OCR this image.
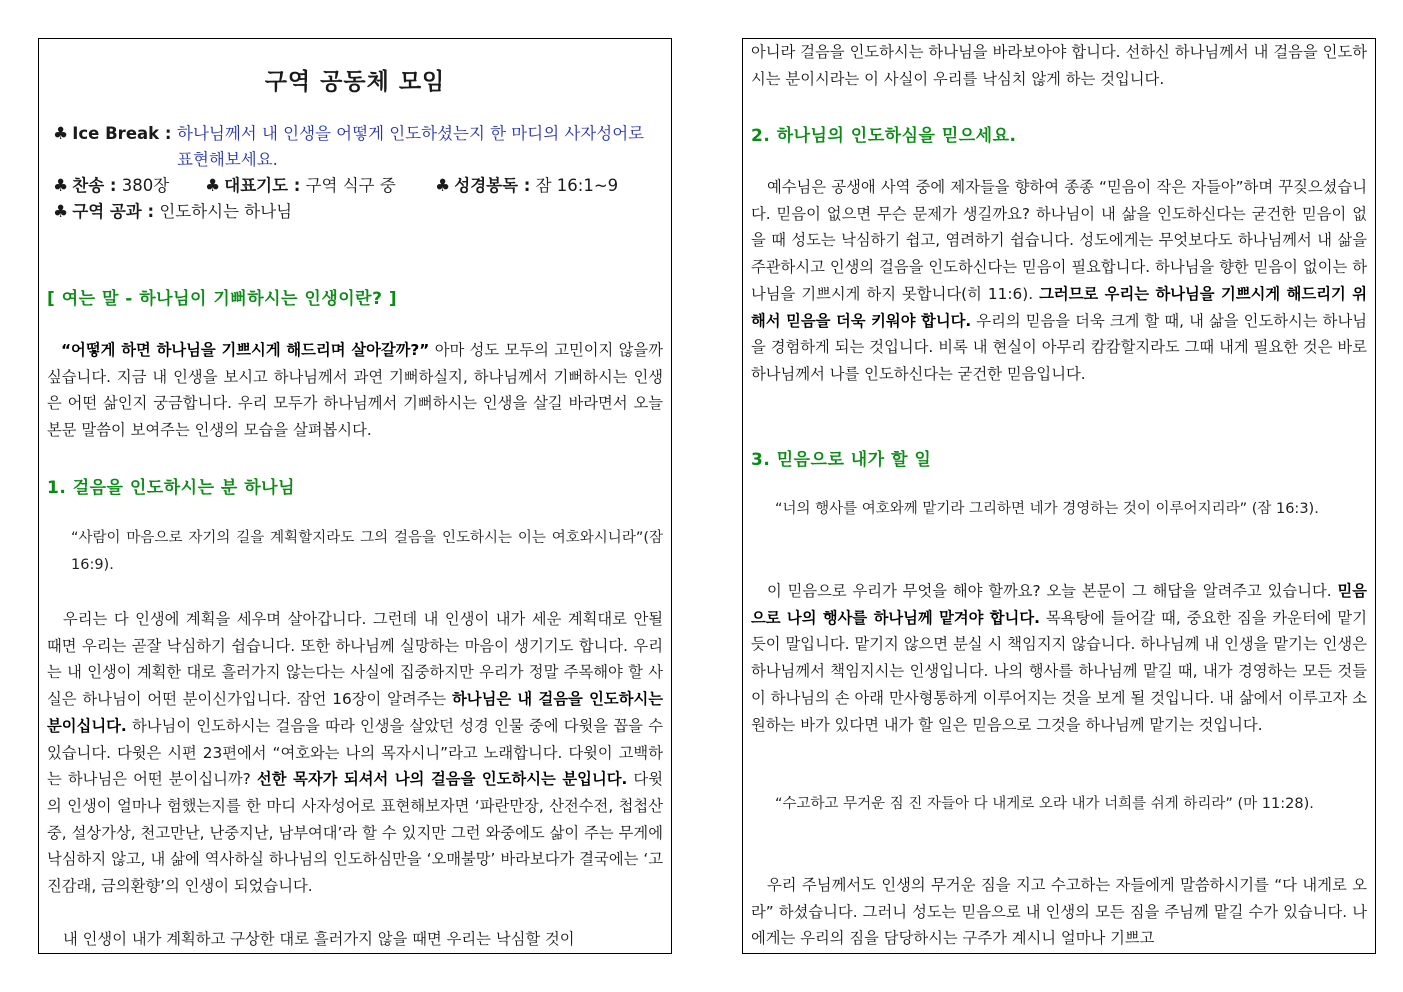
구역 공동체 모임
♣ Ice Break : 하나님께서 내 인생을 어떻게 인도하셨는지 한 마디의 사자성어로
표현해보세요.
♣ 찬송 : 380장 ♣ 대표기도 : 구역 식구 중 ♣ 성경봉독 : 잠 16:1~9
♣ 구역 공과 : 인도하시는 하나님
[ 여는 말 - 하나님이 기뻐하시는 인생이란? ]

“어떻게 하면 하나님을 기쁘시게 해드리며 살아갈까?” 아마 성도 모두의 고민이지 않을까 싶습니다. 지금 내 인생을 보시고 하나님께서 과연 기뻐하실지, 하나님께서 기뻐하시는 인생은 어떤 삶인지 궁금합니다. 우리 모두가 하나님께서 기뻐하시는 인생을 살길 바라면서 오늘 본문 말씀이 보여주는 인생의 모습을 살펴봅시다.

1. 걸음을 인도하시는 분 하나님

“사람이 마음으로 자기의 길을 계획할지라도 그의 걸음을 인도하시는 이는 여호와시니라”(잠 16:9).

우리는 다 인생에 계획을 세우며 살아갑니다. 그런데 내 인생이 내가 세운 계획대로 안될 때면 우리는 곧잘 낙심하기 쉽습니다. 또한 하나님께 실망하는 마음이 생기기도 합니다. 우리는 내 인생이 계획한 대로 흘러가지 않는다는 사실에 집중하지만 우리가 정말 주목해야 할 사실은 하나님이 어떤 분이신가입니다. 잠언 16장이 알려주는 하나님은 내 걸음을 인도하시는 분이십니다. 하나님이 인도하시는 걸음을 따라 인생을 살았던 성경 인물 중에 다윗을 꼽을 수 있습니다. 다윗은 시편 23편에서 “여호와는 나의 목자시니”라고 노래합니다. 다윗이 고백하는 하나님은 어떤 분이십니까? 선한 목자가 되셔서 나의 걸음을 인도하시는 분입니다. 다윗의 인생이 얼마나 험했는지를 한 마디 사자성어로 표현해보자면 ‘파란만장, 산전수전, 첩첩산중, 설상가상, 천고만난, 난중지난, 남부여대’라 할 수 있지만 그런 와중에도 삶이 주는 무게에 낙심하지 않고, 내 삶에 역사하실 하나님의 인도하심만을 ‘오매불망’ 바라보다가 결국에는 ‘고진감래, 금의환향’의 인생이 되었습니다.

내 인생이 내가 계획하고 구상한 대로 흘러가지 않을 때면 우리는 낙심할 것이

아니라 걸음을 인도하시는 하나님을 바라보아야 합니다. 선하신 하나님께서 내 걸음을 인도하시는 분이시라는 이 사실이 우리를 낙심치 않게 하는 것입니다.

2. 하나님의 인도하심을 믿으세요.

예수님은 공생애 사역 중에 제자들을 향하여 종종 “믿음이 작은 자들아”하며 꾸짖으셨습니다. 믿음이 없으면 무슨 문제가 생길까요? 하나님이 내 삶을 인도하신다는 굳건한 믿음이 없을 때 성도는 낙심하기 쉽고, 염려하기 쉽습니다. 성도에게는 무엇보다도 하나님께서 내 삶을 주관하시고 인생의 걸음을 인도하신다는 믿음이 필요합니다. 하나님을 향한 믿음이 없이는 하나님을 기쁘시게 하지 못합니다(히 11:6). 그러므로 우리는 하나님을 기쁘시게 해드리기 위해서 믿음을 더욱 키워야 합니다. 우리의 믿음을 더욱 크게 할 때, 내 삶을 인도하시는 하나님을 경험하게 되는 것입니다. 비록 내 현실이 아무리 캄캄할지라도 그때 내게 필요한 것은 바로 하나님께서 나를 인도하신다는 굳건한 믿음입니다.

3. 믿음으로 내가 할 일

“너의 행사를 여호와께 맡기라 그리하면 네가 경영하는 것이 이루어지리라” (잠 16:3).

이 믿음으로 우리가 무엇을 해야 할까요? 오늘 본문이 그 해답을 알려주고 있습니다. 믿음으로 나의 행사를 하나님께 맡겨야 합니다. 목욕탕에 들어갈 때, 중요한 짐을 카운터에 맡기듯이 말입니다. 맡기지 않으면 분실 시 책임지지 않습니다. 하나님께 내 인생을 맡기는 인생은 하나님께서 책임지시는 인생입니다. 나의 행사를 하나님께 맡길 때, 내가 경영하는 모든 것들이 하나님의 손 아래 만사형통하게 이루어지는 것을 보게 될 것입니다. 내 삶에서 이루고자 소원하는 바가 있다면 내가 할 일은 믿음으로 그것을 하나님께 맡기는 것입니다.

“수고하고 무거운 짐 진 자들아 다 내게로 오라 내가 너희를 쉬게 하리라” (마 11:28).

우리 주님께서도 인생의 무거운 짐을 지고 수고하는 자들에게 말씀하시기를 “다 내게로 오라” 하셨습니다. 그러니 성도는 믿음으로 내 인생의 모든 짐을 주님께 맡길 수가 있습니다. 나에게는 우리의 짐을 담당하시는 구주가 계시니 얼마나 기쁘고
